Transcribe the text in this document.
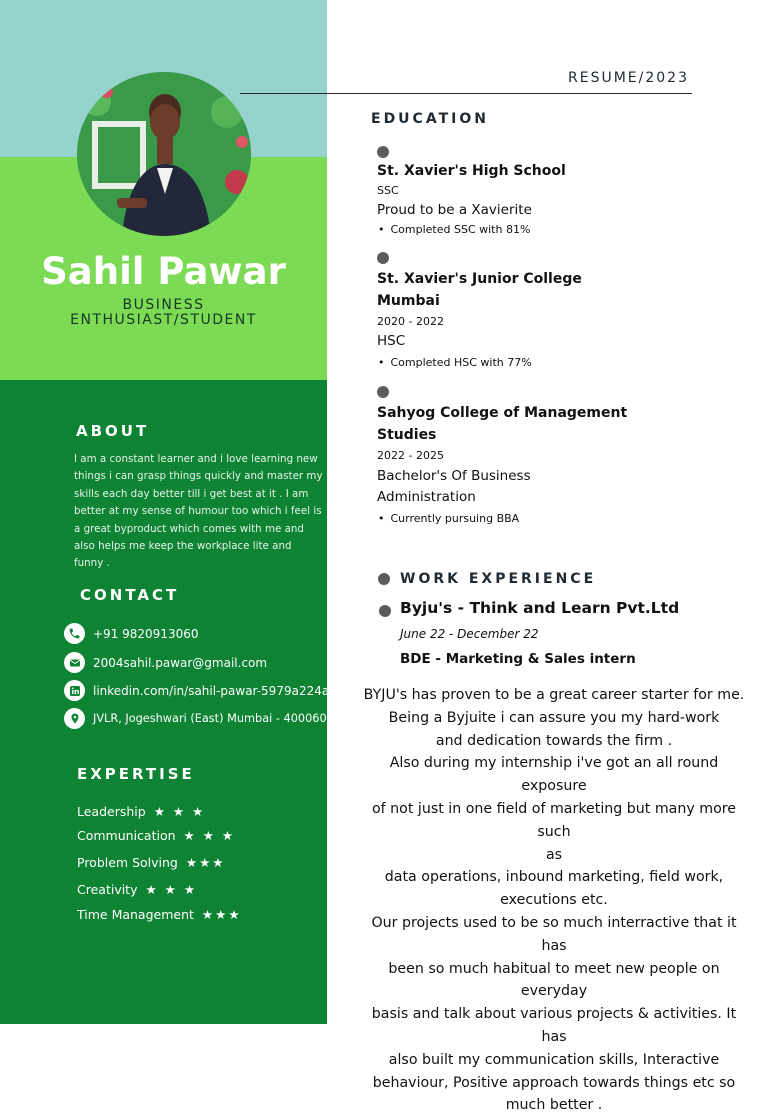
Sahil Pawar
BUSINESS
ENTHUSIAST/STUDENT
ABOUT
I am a constant learner and i love learning new
things i can grasp things quickly and master my
skills each day better till i get best at it . I am
better at my sense of humour too which i feel is
a great byproduct which comes with me and
also helps me keep the workplace lite and
funny .
CONTACT
+91 9820913060
2004sahil.pawar@gmail.com
linkedin.com/in/sahil-pawar-5979a224a/
JVLR, Jogeshwari (East) Mumbai - 400060
EXPERTISE
Leadership ★ ★ ★
Communication ★ ★ ★
Problem Solving ★★★
Creativity ★ ★ ★
Time Management ★★★
RESUME/2023
EDUCATION
St. Xavier's High School
SSC
Proud to be a Xavierite
• Completed SSC with 81%
St. Xavier's Junior College
Mumbai
2020 - 2022
HSC
• Completed HSC with 77%
Sahyog College of Management
Studies
2022 - 2025
Bachelor's Of Business
Administration
• Currently pursuing BBA
WORK EXPERIENCE
Byju's - Think and Learn Pvt.Ltd
June 22 - December 22
BDE - Marketing & Sales intern
BYJU's has proven to be a great career starter for me.
Being a Byjuite i can assure you my hard-work
and dedication towards the firm .
Also during my internship i've got an all round exposure
of not just in one field of marketing but many more such
as
data operations, inbound marketing, field work,
executions etc.
Our projects used to be so much interractive that it has
been so much habitual to meet new people on everyday
basis and talk about various projects & activities. It has
also built my communication skills, Interactive
behaviour, Positive approach towards things etc so
much better .
